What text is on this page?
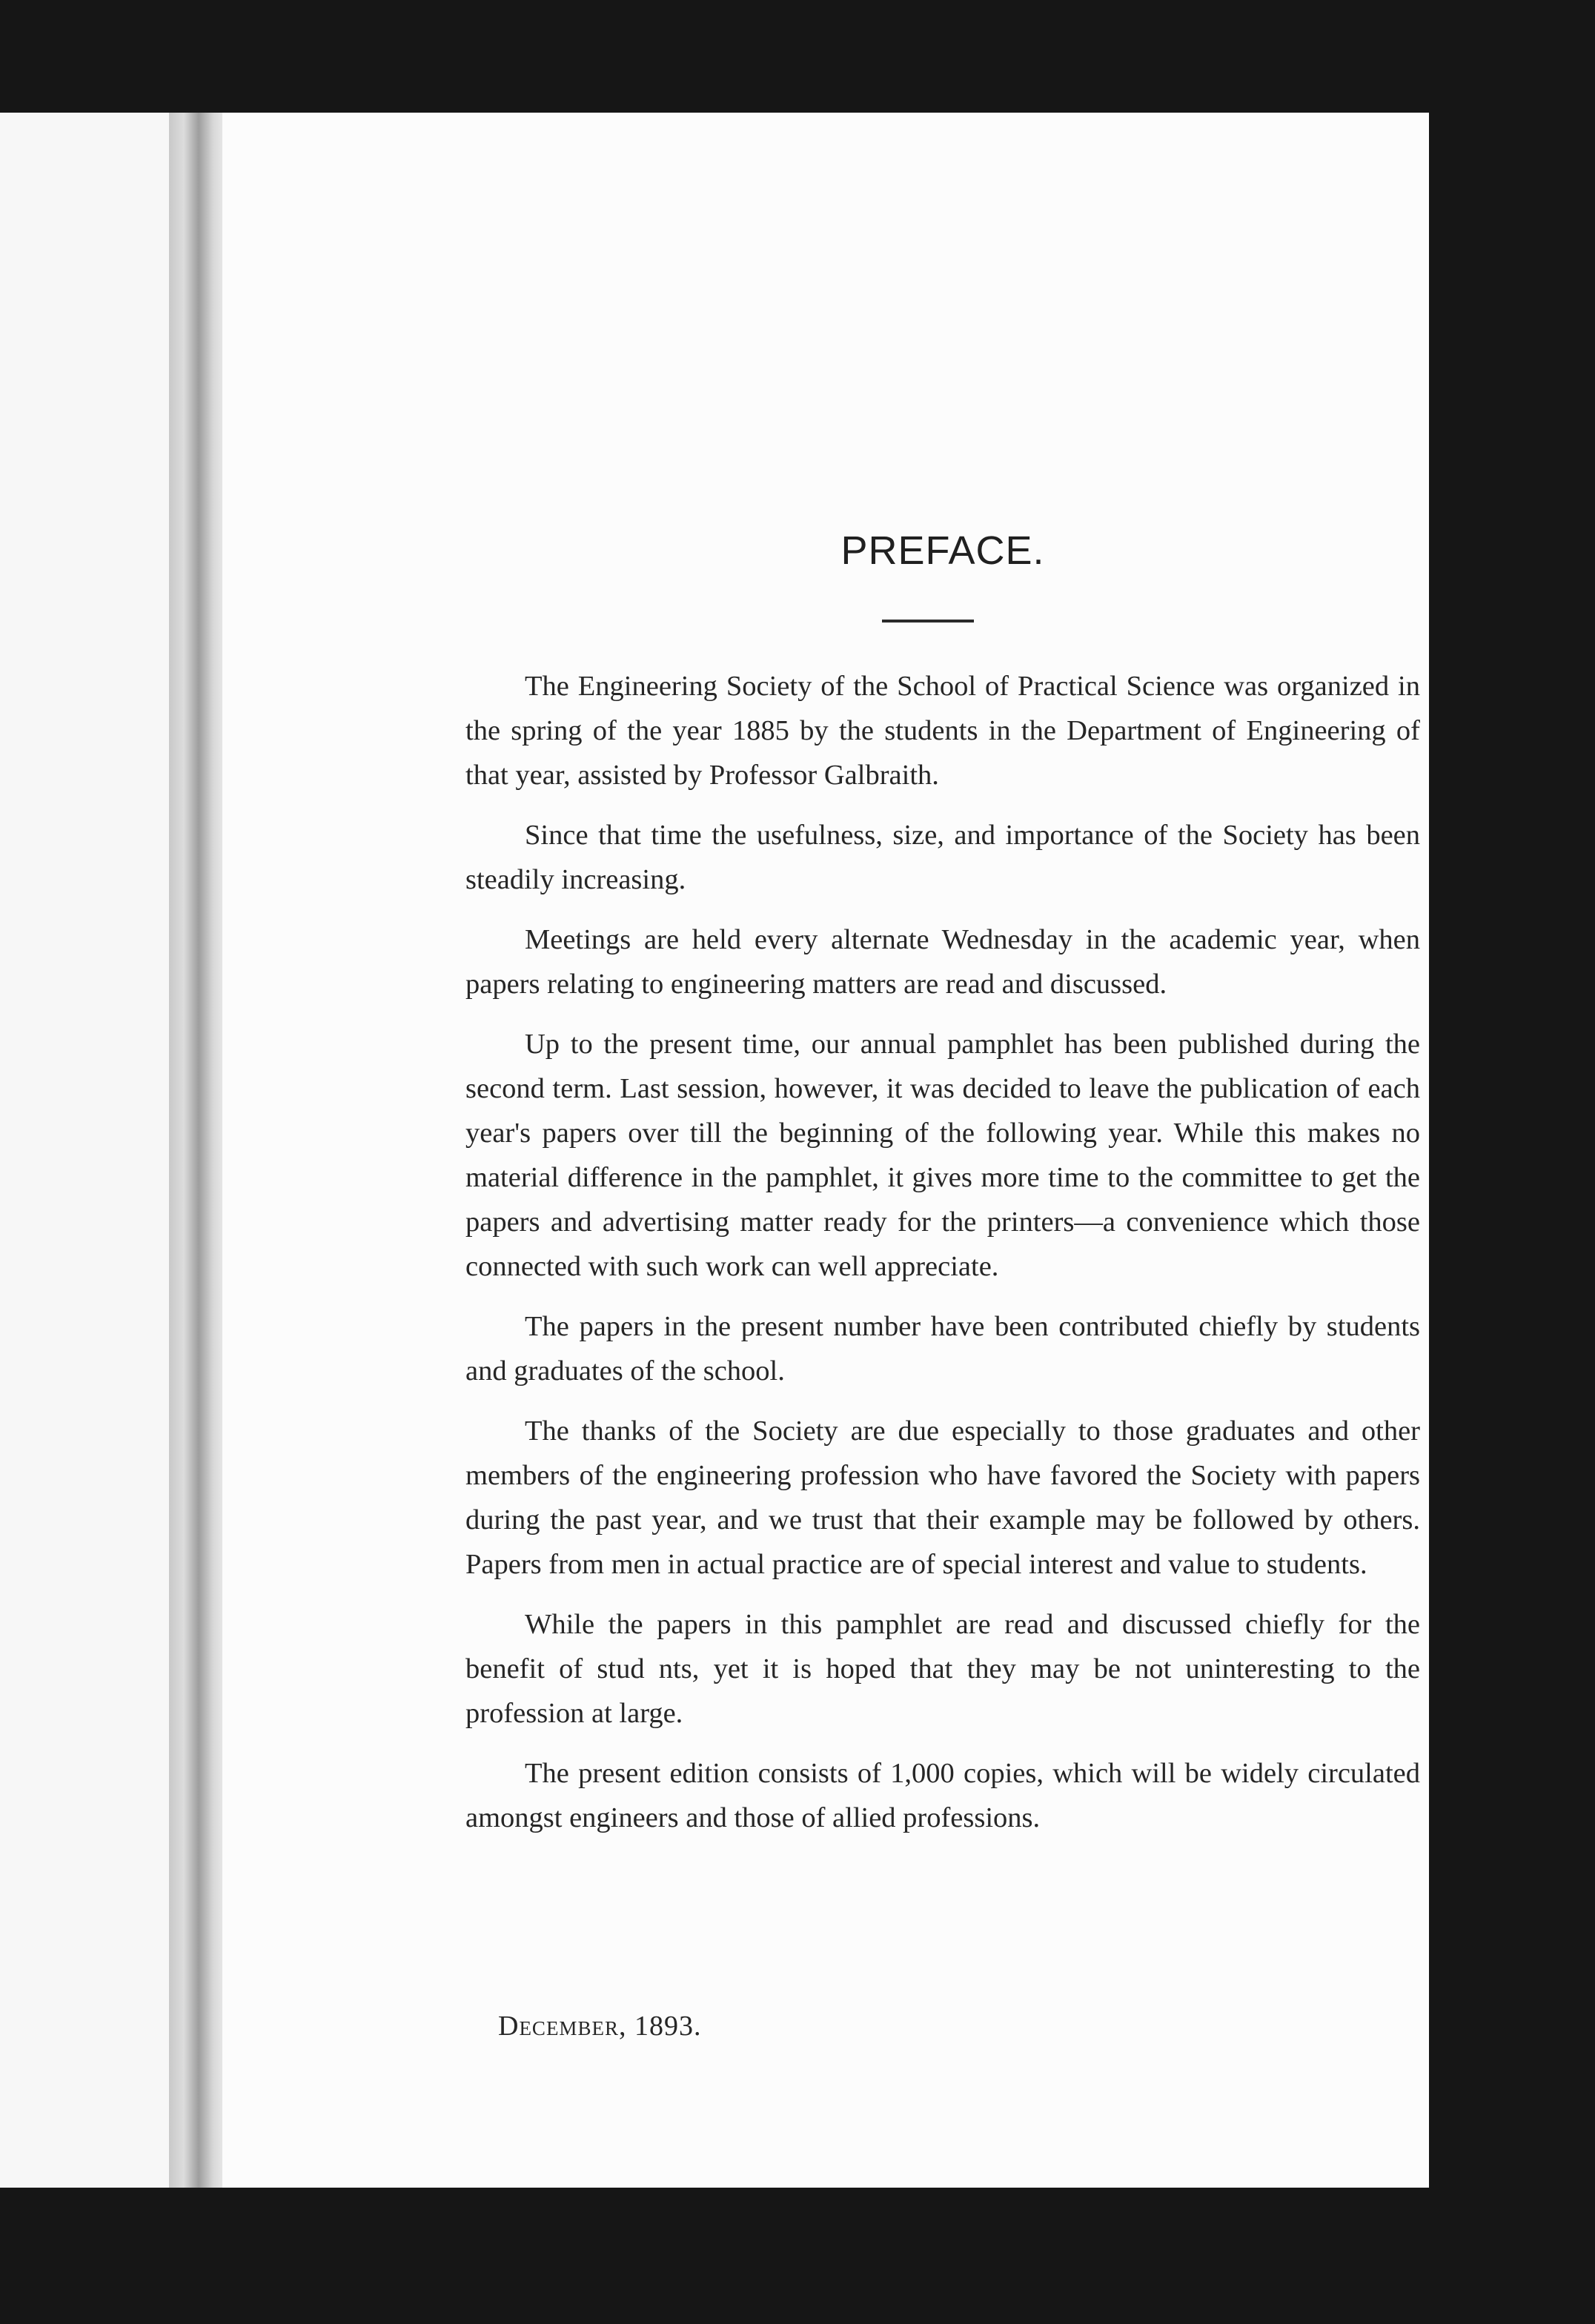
PREFACE.

The Engineering Society of the School of Practical Science was organized in the spring of the year 1885 by the students in the Department of Engineering of that year, assisted by Professor Galbraith.

Since that time the usefulness, size, and importance of the Society has been steadily increasing.

Meetings are held every alternate Wednesday in the academic year, when papers relating to engineering matters are read and discussed.

Up to the present time, our annual pamphlet has been published during the second term. Last session, however, it was decided to leave the publication of each year's papers over till the beginning of the following year. While this makes no material difference in the pamphlet, it gives more time to the committee to get the papers and advertising matter ready for the printers—a convenience which those connected with such work can well appreciate.

The papers in the present number have been contributed chiefly by students and graduates of the school.

The thanks of the Society are due especially to those graduates and other members of the engineering profession who have favored the Society with papers during the past year, and we trust that their example may be followed by others. Papers from men in actual practice are of special interest and value to students.

While the papers in this pamphlet are read and discussed chiefly for the benefit of stud nts, yet it is hoped that they may be not uninteresting to the profession at large.

The present edition consists of 1,000 copies, which will be widely circulated amongst engineers and those of allied professions.

December, 1893.
